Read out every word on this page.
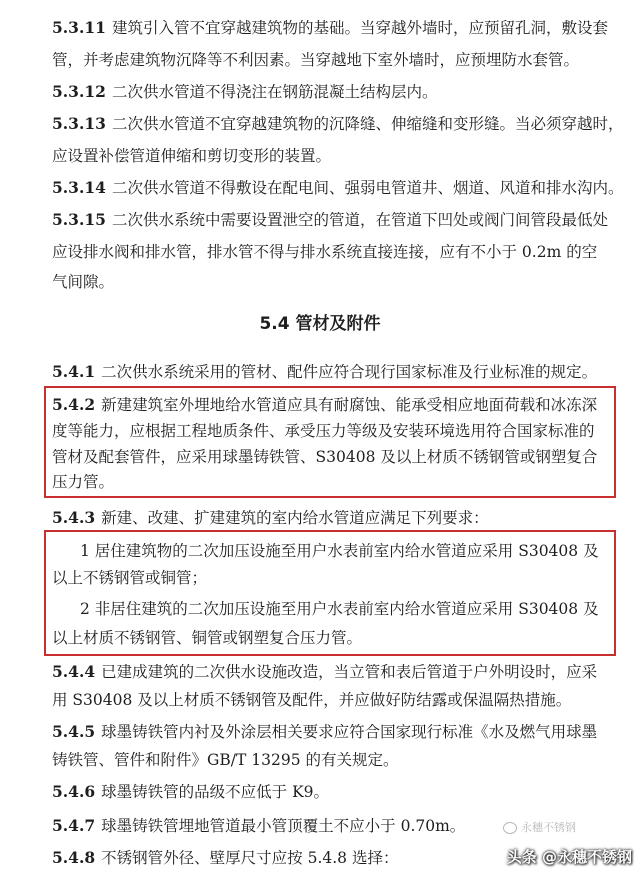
5.3.11 建筑引入管不宜穿越建筑物的基础。当穿越外墙时，应预留孔洞，敷设套
管，并考虑建筑物沉降等不利因素。当穿越地下室外墙时，应预埋防水套管。
5.3.12 二次供水管道不得浇注在钢筋混凝土结构层内。
5.3.13 二次供水管道不宜穿越建筑物的沉降缝、伸缩缝和变形缝。当必须穿越时，
应设置补偿管道伸缩和剪切变形的装置。
5.3.14 二次供水管道不得敷设在配电间、强弱电管道井、烟道、风道和排水沟内。
5.3.15 二次供水系统中需要设置泄空的管道，在管道下凹处或阀门间管段最低处
应设排水阀和排水管，排水管不得与排水系统直接连接，应有不小于 0.2m 的空
气间隙。
5.4 管材及附件
5.4.1 二次供水系统采用的管材、配件应符合现行国家标准及行业标准的规定。
5.4.2 新建建筑室外埋地给水管道应具有耐腐蚀、能承受相应地面荷载和冰冻深
度等能力，应根据工程地质条件、承受压力等级及安装环境选用符合国家标准的
管材及配套管件，应采用球墨铸铁管、S30408 及以上材质不锈钢管或钢塑复合
压力管。
5.4.3 新建、改建、扩建建筑的室内给水管道应满足下列要求：
1 居住建筑物的二次加压设施至用户水表前室内给水管道应采用 S30408 及
以上不锈钢管或铜管；
2 非居住建筑的二次加压设施至用户水表前室内给水管道应采用 S30408 及
以上材质不锈钢管、铜管或钢塑复合压力管。
5.4.4 已建成建筑的二次供水设施改造，当立管和表后管道于户外明设时，应采
用 S30408 及以上材质不锈钢管及配件，并应做好防结露或保温隔热措施。
5.4.5 球墨铸铁管内衬及外涂层相关要求应符合国家现行标准《水及燃气用球墨
铸铁管、管件和附件》GB/T 13295 的有关规定。
5.4.6 球墨铸铁管的品级不应低于 K9。
5.4.7 球墨铸铁管埋地管道最小管顶覆土不应小于 0.70m。
5.4.8 不锈钢管外径、壁厚尺寸应按 5.4.8 选择：
永穗不锈钢
头条 @永穗不锈钢
